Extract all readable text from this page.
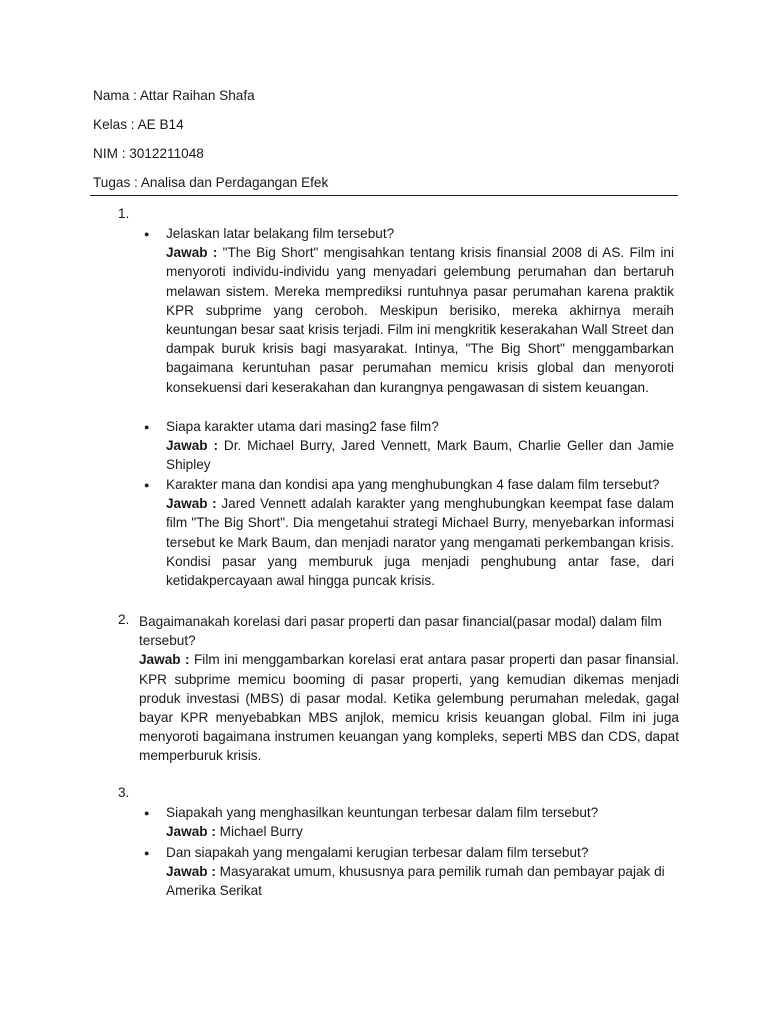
Nama : Attar Raihan Shafa
Kelas : AE B14
NIM : 3012211048
Tugas : Analisa dan Perdagangan Efek
1.
● Jelaskan latar belakang film tersebut?
Jawab : "The Big Short" mengisahkan tentang krisis finansial 2008 di AS. Film ini menyoroti individu-individu yang menyadari gelembung perumahan dan bertaruh melawan sistem. Mereka memprediksi runtuhnya pasar perumahan karena praktik KPR subprime yang ceroboh. Meskipun berisiko, mereka akhirnya meraih keuntungan besar saat krisis terjadi. Film ini mengkritik keserakahan Wall Street dan dampak buruk krisis bagi masyarakat. Intinya, "The Big Short" menggambarkan bagaimana keruntuhan pasar perumahan memicu krisis global dan menyoroti konsekuensi dari keserakahan dan kurangnya pengawasan di sistem keuangan.
● Siapa karakter utama dari masing2 fase film?
Jawab : Dr. Michael Burry, Jared Vennett, Mark Baum, Charlie Geller dan Jamie Shipley
● Karakter mana dan kondisi apa yang menghubungkan 4 fase dalam film tersebut?
Jawab : Jared Vennett adalah karakter yang menghubungkan keempat fase dalam film "The Big Short". Dia mengetahui strategi Michael Burry, menyebarkan informasi tersebut ke Mark Baum, dan menjadi narator yang mengamati perkembangan krisis. Kondisi pasar yang memburuk juga menjadi penghubung antar fase, dari ketidakpercayaan awal hingga puncak krisis.
2. Bagaimanakah korelasi dari pasar properti dan pasar financial(pasar modal) dalam film tersebut?
Jawab : Film ini menggambarkan korelasi erat antara pasar properti dan pasar finansial. KPR subprime memicu booming di pasar properti, yang kemudian dikemas menjadi produk investasi (MBS) di pasar modal. Ketika gelembung perumahan meledak, gagal bayar KPR menyebabkan MBS anjlok, memicu krisis keuangan global. Film ini juga menyoroti bagaimana instrumen keuangan yang kompleks, seperti MBS dan CDS, dapat memperburuk krisis.
3.
● Siapakah yang menghasilkan keuntungan terbesar dalam film tersebut?
Jawab : Michael Burry
● Dan siapakah yang mengalami kerugian terbesar dalam film tersebut?
Jawab : Masyarakat umum, khususnya para pemilik rumah dan pembayar pajak di Amerika Serikat
